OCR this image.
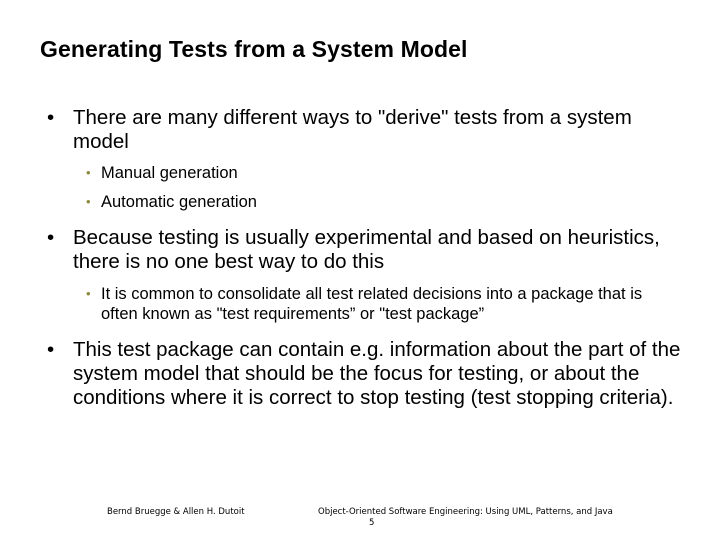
Generating Tests from a System Model
• There are many different ways to "derive" tests from a system model
• Manual generation
• Automatic generation
• Because testing is usually experimental and based on heuristics, there is no one best way to do this
• It is common to consolidate all test related decisions into a package that is often known as "test requirements” or "test package”
• This test package can contain e.g. information about the part of the system model that should be the focus for testing, or about the conditions where it is correct to stop testing (test stopping criteria).
Bernd Bruegge & Allen H. Dutoit	Object-Oriented Software Engineering: Using UML, Patterns, and Java
5
